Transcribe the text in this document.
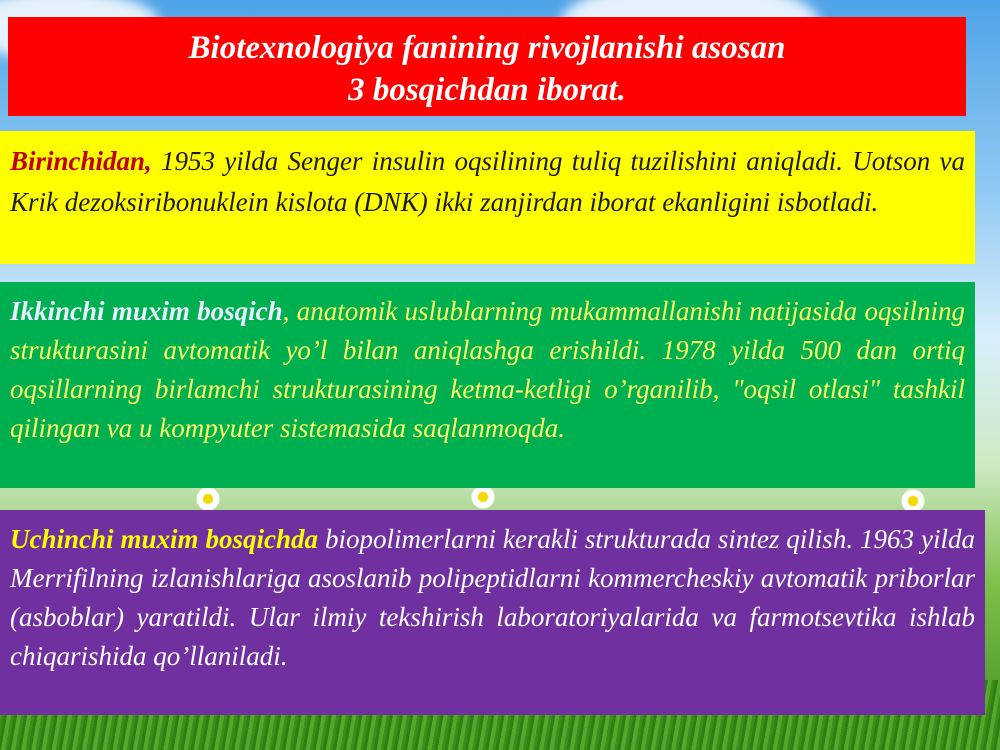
Biotexnologiya fanining rivojlanishi asosan
3 bosqichdan iborat.
Birinchidan, 1953 yilda Senger insulin oqsilining tuliq tuzilishini aniqladi. Uotson va Krik dezoksiribonuklein kislota (DNK) ikki zanjirdan iborat ekanligini isbotladi.
Ikkinchi muxim bosqich, anatomik uslublarning mukammallanishi natijasida oqsilning strukturasini avtomatik yo’l bilan aniqlashga erishildi. 1978 yilda 500 dan ortiq oqsillarning birlamchi strukturasining ketma-ketligi o’rganilib, "oqsil otlasi" tashkil qilingan va u kompyuter sistemasida saqlanmoqda.
Uchinchi muxim bosqichda biopolimerlarni kerakli strukturada sintez qilish. 1963 yilda Merrifilning izlanishlariga asoslanib polipeptidlarni kommercheskiy avtomatik priborlar (asboblar) yaratildi. Ular ilmiy tekshirish laboratoriyalarida va farmotsevtika ishlab chiqarishida qo’llaniladi.
